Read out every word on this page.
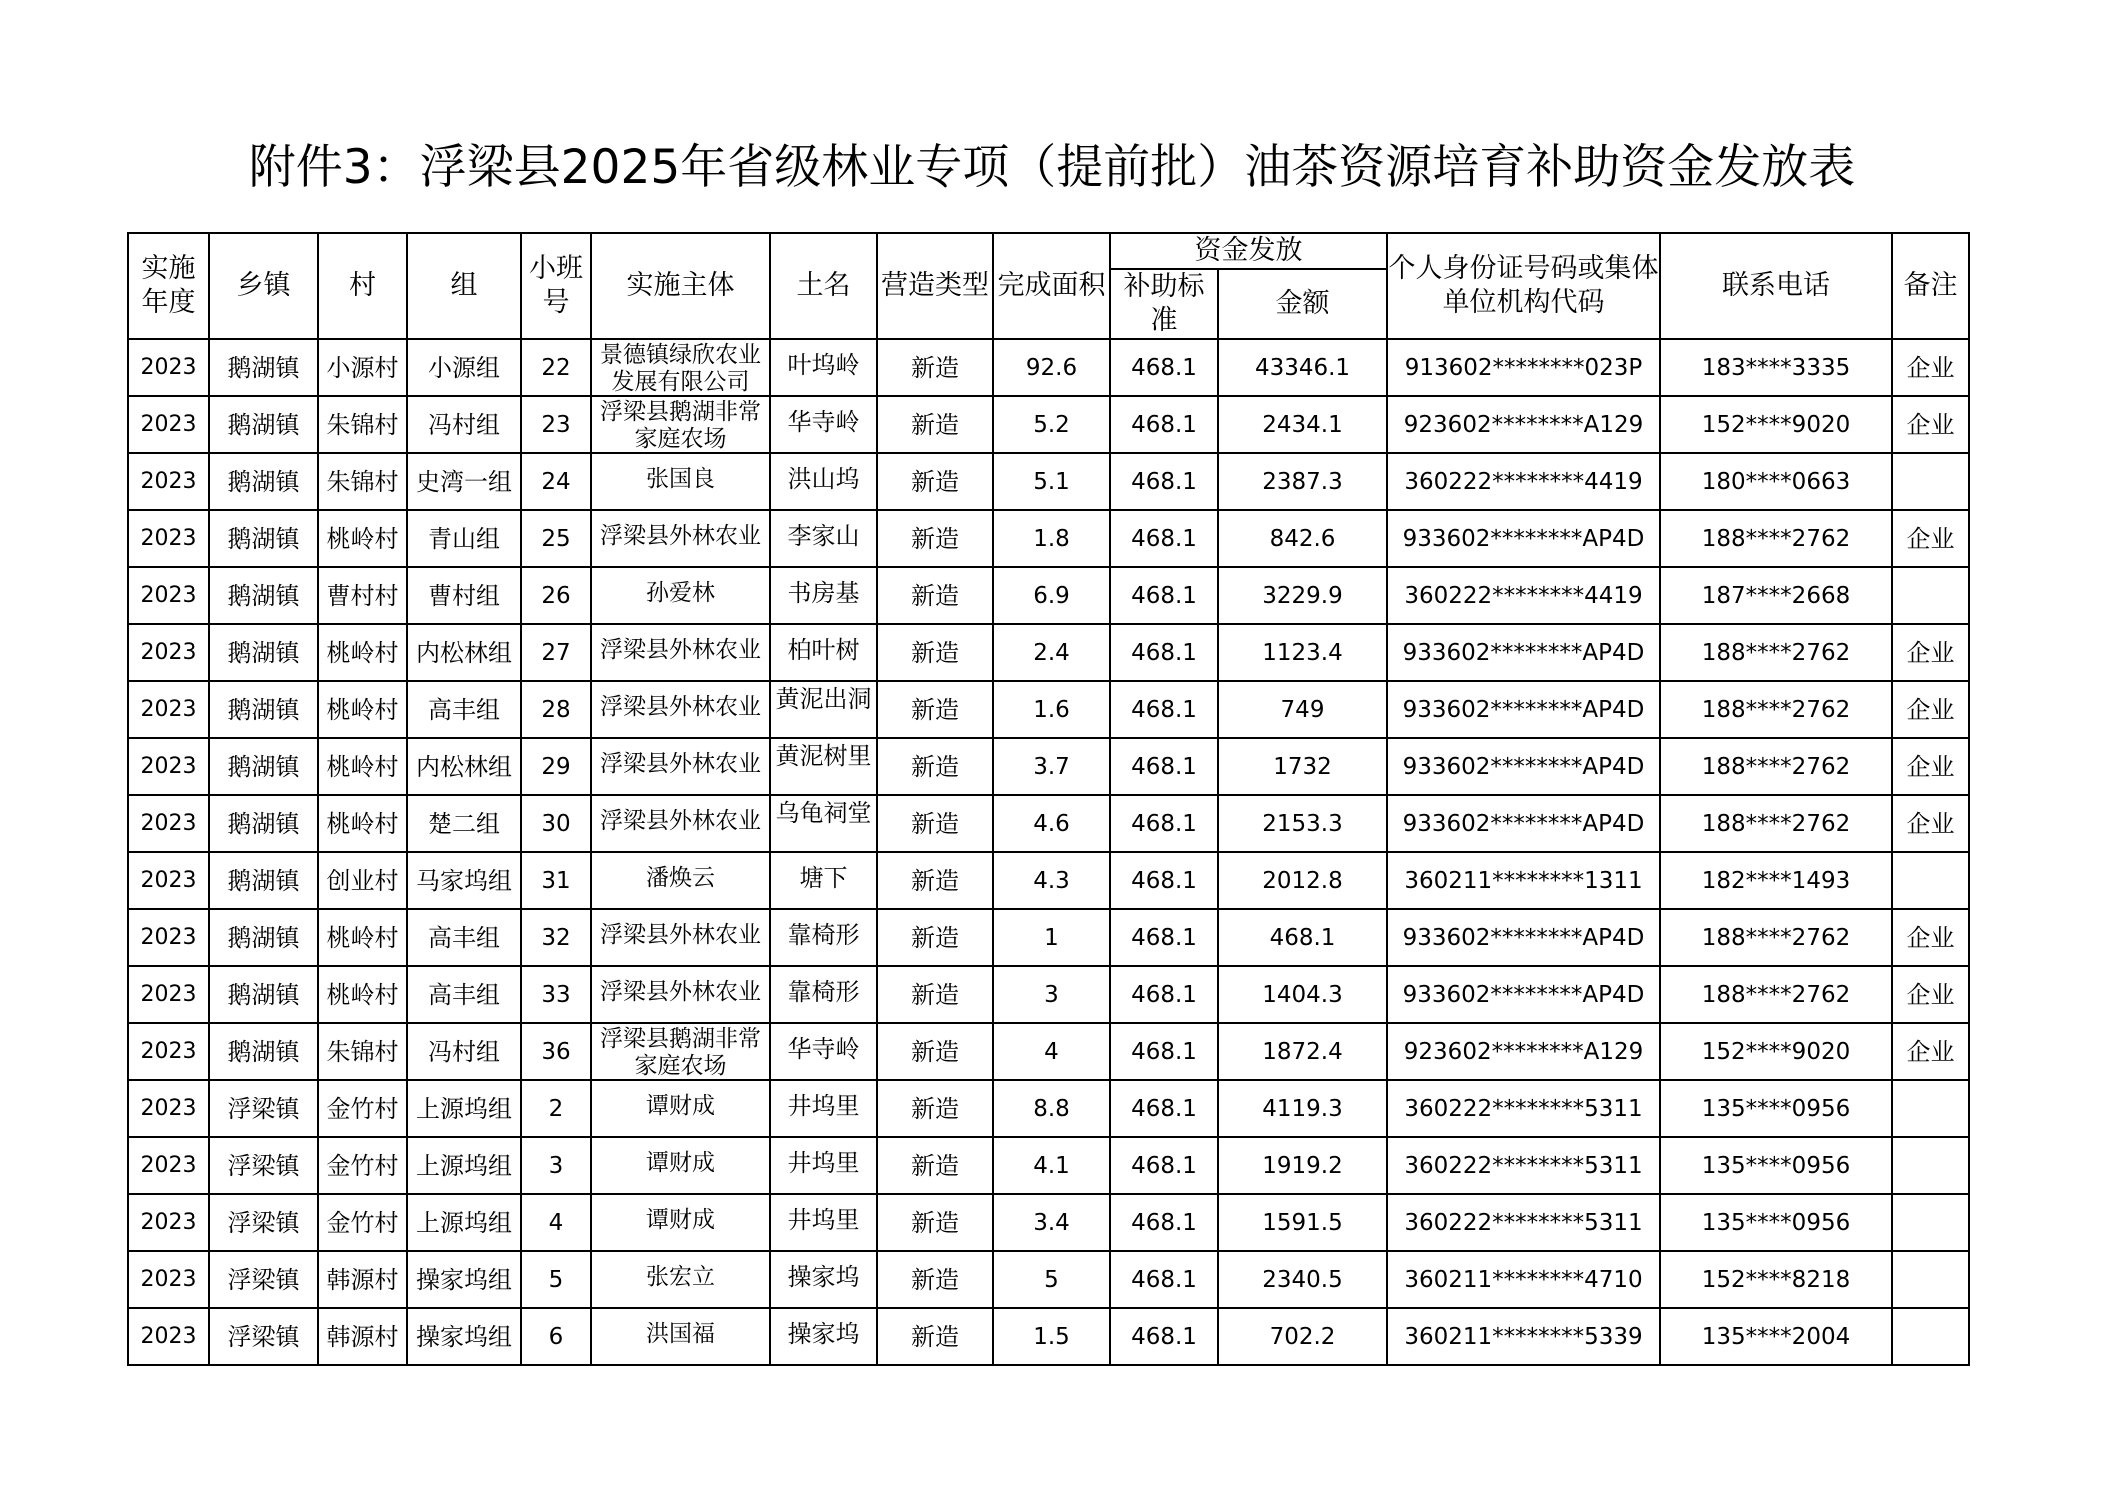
附件3：浮梁县2025年省级林业专项（提前批）油茶资源培育补助资金发放表
实施年度	乡镇	村	组	小班号	实施主体	土名	营造类型	完成面积	资金发放		个人身份证号码或集体单位机构代码	联系电话	备注

									补助标准	金额			
2023	鹅湖镇	小源村	小源组	22	景德镇绿欣农业发展有限公司	叶坞岭	新造	92.6	468.1	43346.1	913602********023P	183****3335	企业
2023	鹅湖镇	朱锦村	冯村组	23	浮梁县鹅湖非常家庭农场	华寺岭	新造	5.2	468.1	2434.1	923602********A129	152****9020	企业
2023	鹅湖镇	朱锦村	史湾一组	24	张国良	洪山坞	新造	5.1	468.1	2387.3	360222********4419	180****0663	
2023	鹅湖镇	桃岭村	青山组	25	浮梁县外林农业	李家山	新造	1.8	468.1	842.6	933602********AP4D	188****2762	企业
2023	鹅湖镇	曹村村	曹村组	26	孙爱林	书房基	新造	6.9	468.1	3229.9	360222********4419	187****2668	
2023	鹅湖镇	桃岭村	内松林组	27	浮梁县外林农业	柏叶树	新造	2.4	468.1	1123.4	933602********AP4D	188****2762	企业
2023	鹅湖镇	桃岭村	高丰组	28	浮梁县外林农业	黄泥出洞	新造	1.6	468.1	749	933602********AP4D	188****2762	企业
2023	鹅湖镇	桃岭村	内松林组	29	浮梁县外林农业	黄泥树里	新造	3.7	468.1	1732	933602********AP4D	188****2762	企业
2023	鹅湖镇	桃岭村	楚二组	30	浮梁县外林农业	乌龟祠堂	新造	4.6	468.1	2153.3	933602********AP4D	188****2762	企业
2023	鹅湖镇	创业村	马家坞组	31	潘焕云	塘下	新造	4.3	468.1	2012.8	360211********1311	182****1493	
2023	鹅湖镇	桃岭村	高丰组	32	浮梁县外林农业	靠椅形	新造	1	468.1	468.1	933602********AP4D	188****2762	企业
2023	鹅湖镇	桃岭村	高丰组	33	浮梁县外林农业	靠椅形	新造	3	468.1	1404.3	933602********AP4D	188****2762	企业
2023	鹅湖镇	朱锦村	冯村组	36	浮梁县鹅湖非常家庭农场	华寺岭	新造	4	468.1	1872.4	923602********A129	152****9020	企业
2023	浮梁镇	金竹村	上源坞组	2	谭财成	井坞里	新造	8.8	468.1	4119.3	360222********5311	135****0956	
2023	浮梁镇	金竹村	上源坞组	3	谭财成	井坞里	新造	4.1	468.1	1919.2	360222********5311	135****0956	
2023	浮梁镇	金竹村	上源坞组	4	谭财成	井坞里	新造	3.4	468.1	1591.5	360222********5311	135****0956	
2023	浮梁镇	韩源村	操家坞组	5	张宏立	操家坞	新造	5	468.1	2340.5	360211********4710	152****8218	
2023	浮梁镇	韩源村	操家坞组	6	洪国福	操家坞	新造	1.5	468.1	702.2	360211********5339	135****2004	
